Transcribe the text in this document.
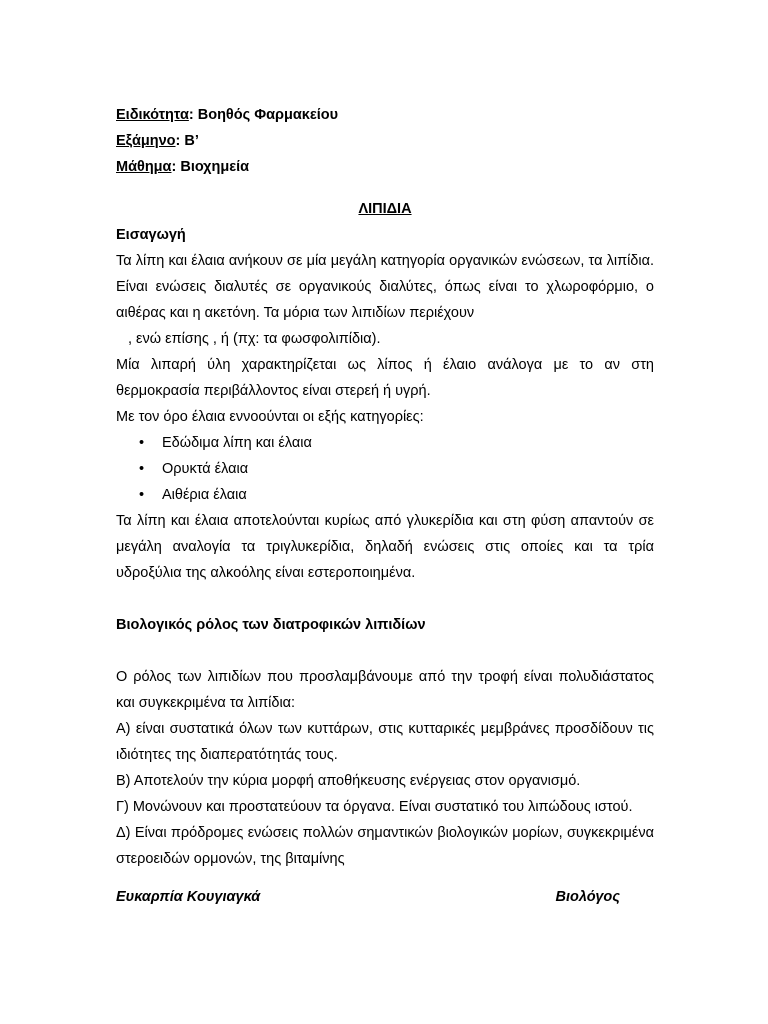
Ειδικότητα: Βοηθός Φαρμακείου
Εξάμηνο: Β’
Μάθημα: Βιοχημεία
ΛΙΠΙΔΙΑ
Εισαγωγή

Τα λίπη και έλαια ανήκουν σε μία μεγάλη κατηγορία οργανικών ενώσεων, τα λιπίδια. Είναι ενώσεις διαλυτές σε οργανικούς διαλύτες, όπως είναι το χλωροφόρμιο, ο αιθέρας και η ακετόνη. Τα μόρια των λιπιδίων περιέχουν

, ενώ επίσης , ή (πχ: τα φωσφολιπίδια).

Μία λιπαρή ύλη χαρακτηρίζεται ως λίπος ή έλαιο ανάλογα με το αν στη θερμοκρασία περιβάλλοντος είναι στερεή ή υγρή.

Με τον όρο έλαια εννοούνται οι εξής κατηγορίες:

• Εδώδιμα λίπη και έλαια
• Ορυκτά έλαια
• Αιθέρια έλαια

Τα λίπη και έλαια αποτελούνται κυρίως από γλυκερίδια και στη φύση απαντούν σε μεγάλη αναλογία τα τριγλυκερίδια, δηλαδή ενώσεις στις οποίες και τα τρία υδροξύλια της αλκοόλης είναι εστεροποιημένα.

Βιολογικός ρόλος των διατροφικών λιπιδίων

Ο ρόλος των λιπιδίων που προσλαμβάνουμε από την τροφή είναι πολυδιάστατος και συγκεκριμένα τα λιπίδια:

Α) είναι συστατικά όλων των κυττάρων, στις κυτταρικές μεμβράνες προσδίδουν τις ιδιότητες της διαπερατότητάς τους.

Β) Αποτελούν την κύρια μορφή αποθήκευσης ενέργειας στον οργανισμό.

Γ) Μονώνουν και προστατεύουν τα όργανα. Είναι συστατικό του λιπώδους ιστού.

Δ) Είναι πρόδρομες ενώσεις πολλών σημαντικών βιολογικών μορίων, συγκεκριμένα στεροειδών ορμονών, της βιταμίνης

Ευκαρπία Κουγιαγκά	Βιολόγος
